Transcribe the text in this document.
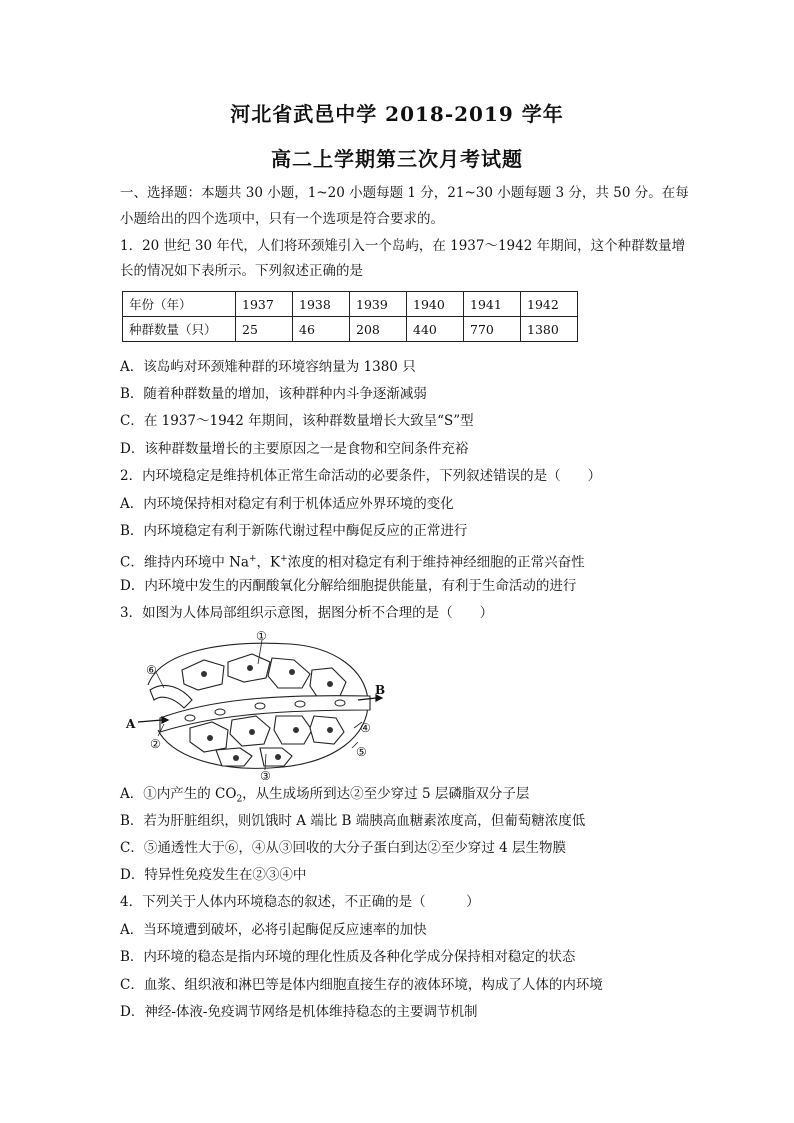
河北省武邑中学 2018-2019 学年
高二上学期第三次月考试题
一、选择题：本题共 30 小题，1~20 小题每题 1 分，21~30 小题每题 3 分，共 50 分。在每
小题给出的四个选项中，只有一个选项是符合要求的。
1．20 世纪 30 年代，人们将环颈雉引入一个岛屿，在 1937～1942 年期间，这个种群数量增
长的情况如下表所示。下列叙述正确的是
年份（年）	1937	1938	1939	1940	1941	1942
种群数量（只）	25	46	208	440	770	1380
A．该岛屿对环颈雉种群的环境容纳量为 1380 只
B．随着种群数量的增加，该种群种内斗争逐渐减弱
C．在 1937～1942 年期间，该种群数量增长大致呈“S”型
D．该种群数量增长的主要原因之一是食物和空间条件充裕
2．内环境稳定是维持机体正常生命活动的必要条件，下列叙述错误的是（　　）
A．内环境保持相对稳定有利于机体适应外界环境的变化
B．内环境稳定有利于新陈代谢过程中酶促反应的正常进行
C．维持内环境中 Na+，K+浓度的相对稳定有利于维持神经细胞的正常兴奋性
D．内环境中发生的丙酮酸氧化分解给细胞提供能量，有利于生命活动的进行
3．如图为人体局部组织示意图，据图分析不合理的是（　　）
①
⑥
②
③
④
⑤
A
B
A．①内产生的 $CO_2$，从生成场所到达②至少穿过 5 层磷脂双分子层
B．若为肝脏组织，则饥饿时 A 端比 B 端胰高血糖素浓度高，但葡萄糖浓度低
C．⑤通透性大于⑥，④从③回收的大分子蛋白到达②至少穿过 4 层生物膜
D．特异性免疫发生在②③④中
4．下列关于人体内环境稳态的叙述，不正确的是（　　　）
A．当环境遭到破坏，必将引起酶促反应速率的加快
B．内环境的稳态是指内环境的理化性质及各种化学成分保持相对稳定的状态
C．血浆、组织液和淋巴等是体内细胞直接生存的液体环境，构成了人体的内环境
D．神经-体液-免疫调节网络是机体维持稳态的主要调节机制
